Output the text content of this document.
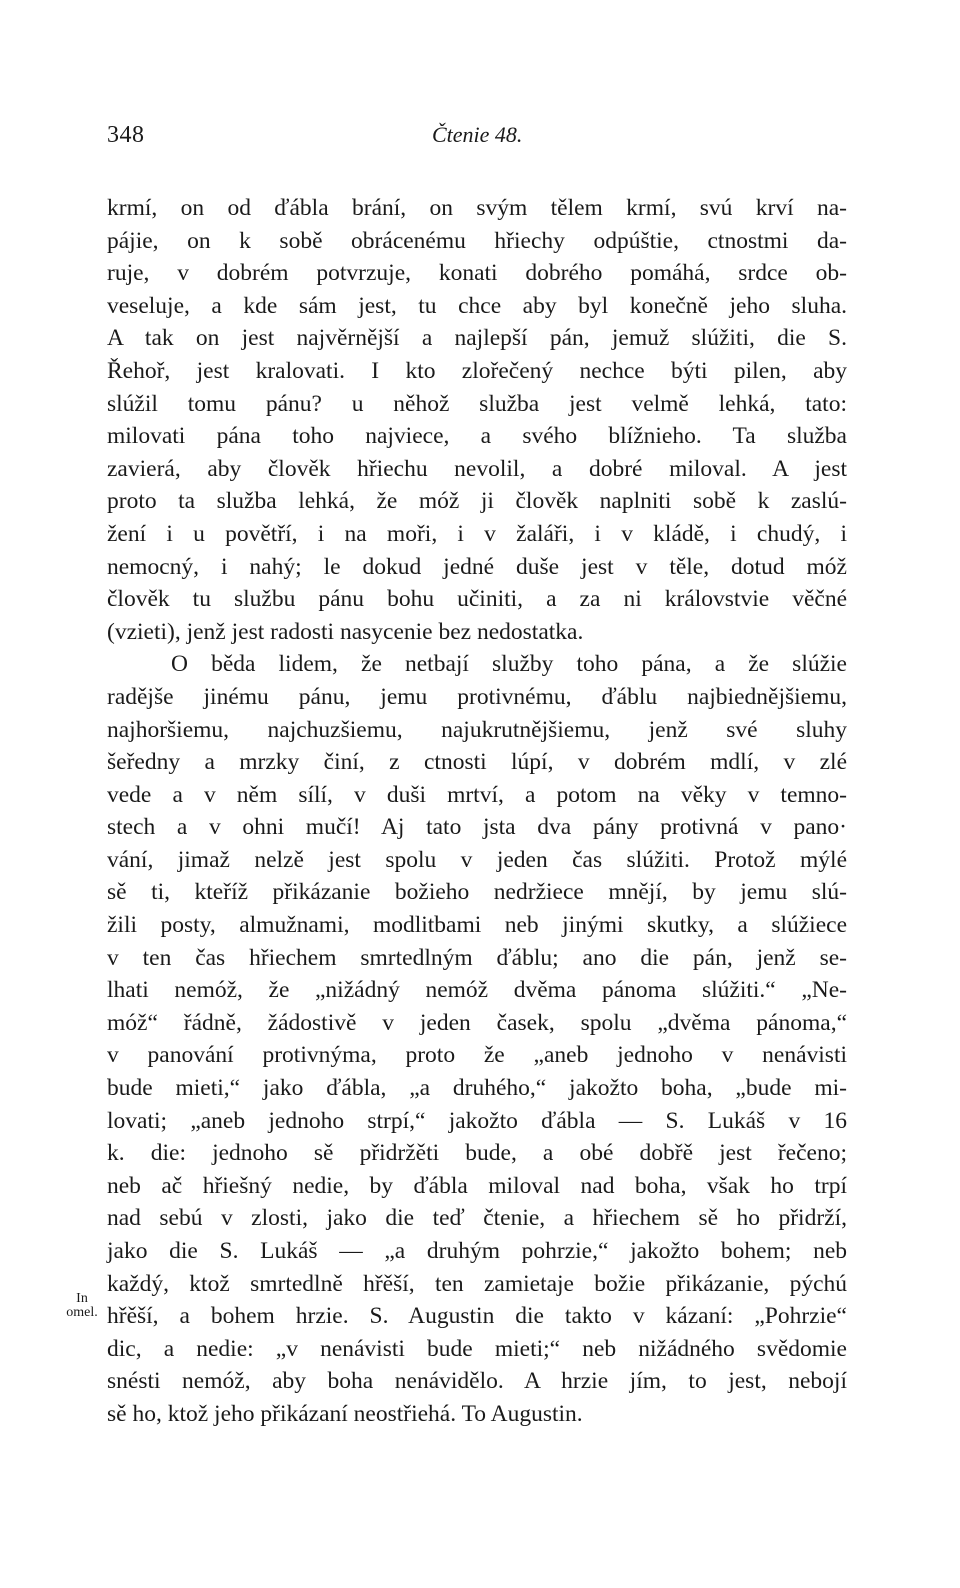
348	Čtenie 48.
In
omel.
krmí, on od ďábla brání, on svým tělem krmí, svú krví na-
pájie, on k sobě obrácenému hřiechy odpúštie, ctnostmi da-
ruje, v dobrém potvrzuje, konati dobrého pomáhá, srdce ob-
veseluje, a kde sám jest, tu chce aby byl konečně jeho sluha.
A tak on jest najvěrnější a najlepší pán, jemuž slúžiti, die S.
Řehoř, jest kralovati. I kto zlořečený nechce býti pilen, aby
slúžil tomu pánu? u něhož služba jest velmě lehká, tato:
milovati pána toho najviece, a svého blížnieho. Ta služba
zavierá, aby člověk hřiechu nevolil, a dobré miloval. A jest
proto ta služba lehká, že móž ji člověk naplniti sobě k zaslú-
žení i u povětří, i na moři, i v žaláři, i v kládě, i chudý, i
nemocný, i nahý; le dokud jedné duše jest v těle, dotud móž
člověk tu službu pánu bohu učiniti, a za ni královstvie věčné
(vzieti), jenž jest radosti nasycenie bez nedostatka.
O běda lidem, že netbají služby toho pána, a že slúžie
radějše jinému pánu, jemu protivnému, ďáblu najbiednějšiemu,
najhoršiemu, najchuzšiemu, najukrutnějšiemu, jenž své sluhy
šeředny a mrzky činí, z ctnosti lúpí, v dobrém mdlí, v zlé
vede a v něm sílí, v duši mrtví, a potom na věky v temno-
stech a v ohni mučí! Aj tato jsta dva pány protivná v pano·
vání, jimaž nelzě jest spolu v jeden čas slúžiti. Protož mýlé
sě ti, kteříž přikázanie božieho nedržiece mnějí, by jemu slú-
žili posty, almužnami, modlitbami neb jinými skutky, a slúžiece
v ten čas hřiechem smrtedlným ďáblu; ano die pán, jenž se-
lhati nemóž, že „nižádný nemóž dvěma pánoma slúžiti.“ „Ne-
móž“ řádně, žádostivě v jeden časek, spolu „dvěma pánoma,“
v panování protivnýma, proto že „aneb jednoho v nenávisti
bude mieti,“ jako ďábla, „a druhého,“ jakožto boha, „bude mi-
lovati; „aneb jednoho strpí,“ jakožto ďábla — S. Lukáš v 16
k. die: jednoho sě přidržěti bude, a obé dobřě jest řečeno;
neb ač hřiešný nedie, by ďábla miloval nad boha, však ho trpí
nad sebú v zlosti, jako die teď čtenie, a hřiechem sě ho přidrží,
jako die S. Lukáš — „a druhým pohrzie,“ jakožto bohem; neb
každý, ktož smrtedlně hřěší, ten zamietaje božie přikázanie, pýchú
hřěší, a bohem hrzie. S. Augustin die takto v kázaní: „Pohrzie“
dic, a nedie: „v nenávisti bude mieti;“ neb nižádného svědomie
snésti nemóž, aby boha nenávidělo. A hrzie jím, to jest, nebojí
sě ho, ktož jeho přikázaní neostřiehá. To Augustin.
